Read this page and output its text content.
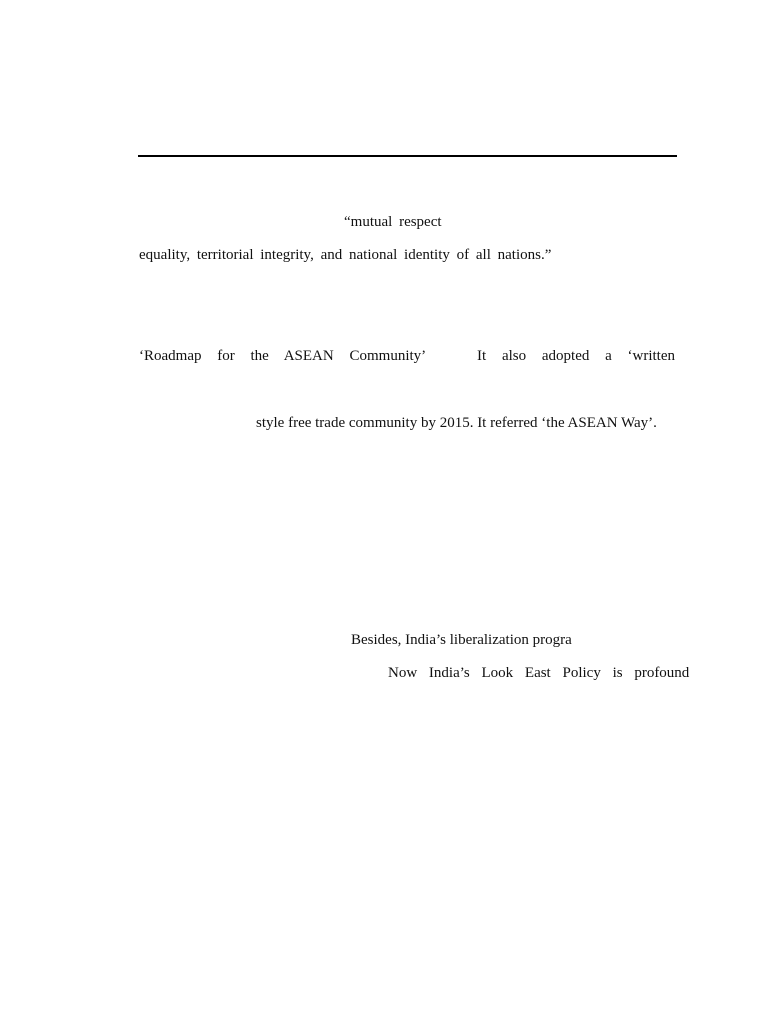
“mutual respect
equality, territorial integrity, and national identity of all nations.”
‘Roadmap for the ASEAN Community’	It also adopted a ‘written
style free trade community by 2015. It referred ‘the ASEAN Way’.
Besides, India’s liberalization progra
Now India’s Look East Policy is profound
